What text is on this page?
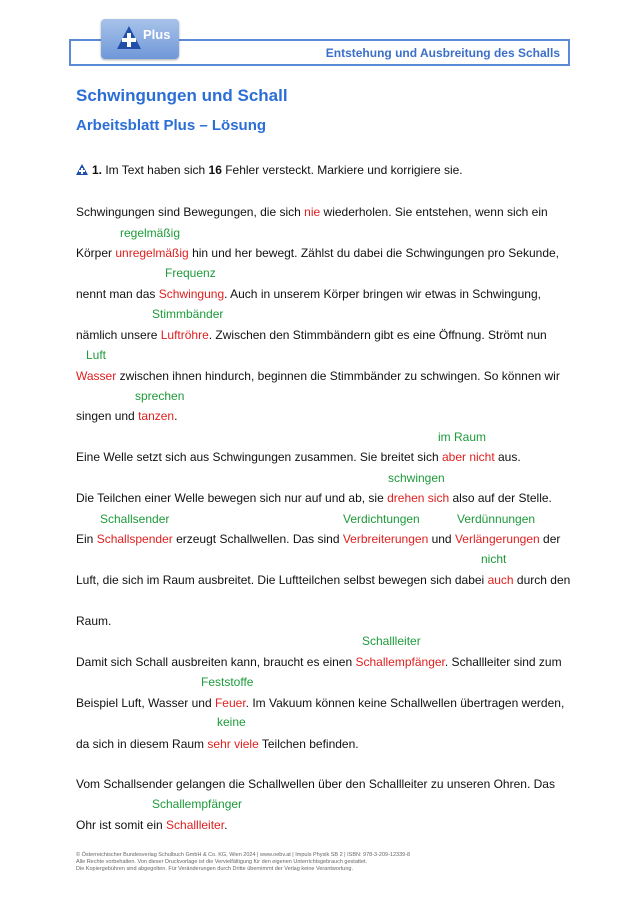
Entstehung und Ausbreitung des Schalls
Plus
Schwingungen und Schall
Arbeitsblatt Plus – Lösung
1. Im Text haben sich 16 Fehler versteckt. Markiere und korrigiere sie.
Schwingungen sind Bewegungen, die sich nie wiederholen. Sie entstehen, wenn sich ein
Körper unregelmäßig hin und her bewegt. Zählst du dabei die Schwingungen pro Sekunde,
nennt man das Schwingung. Auch in unserem Körper bringen wir etwas in Schwingung,
nämlich unsere Luftröhre. Zwischen den Stimmbändern gibt es eine Öffnung. Strömt nun
Wasser zwischen ihnen hindurch, beginnen die Stimmbänder zu schwingen. So können wir
singen und tanzen.
Eine Welle setzt sich aus Schwingungen zusammen. Sie breitet sich aber nicht aus.
Die Teilchen einer Welle bewegen sich nur auf und ab, sie drehen sich also auf der Stelle.
Ein Schallspender erzeugt Schallwellen. Das sind Verbreiterungen und Verlängerungen der
Luft, die sich im Raum ausbreitet. Die Luftteilchen selbst bewegen sich dabei auch durch den
Raum.
Damit sich Schall ausbreiten kann, braucht es einen Schallempfänger. Schallleiter sind zum
Beispiel Luft, Wasser und Feuer. Im Vakuum können keine Schallwellen übertragen werden,
da sich in diesem Raum sehr viele Teilchen befinden.
Vom Schallsender gelangen die Schallwellen über den Schallleiter zu unseren Ohren. Das
Ohr ist somit ein Schallleiter.
regelmäßig
Frequenz
Stimmbänder
Luft
sprechen
im Raum
schwingen
Schallsender	Verdichtungen	Verdünnungen
nicht
Schallleiter
Feststoffe
keine
Schallempfänger
© Österreichischer Bundesverlag Schulbuch GmbH & Co. KG, Wien 2024 | www.oebv.at | Impuls Physik SB 2 | ISBN: 978-3-209-12339-8
Alle Rechte vorbehalten. Von dieser Druckvorlage ist die Vervielfältigung für den eigenen Unterrichtsgebrauch gestattet.
Die Kopiergebühren sind abgegolten. Für Veränderungen durch Dritte übernimmt der Verlag keine Verantwortung.
